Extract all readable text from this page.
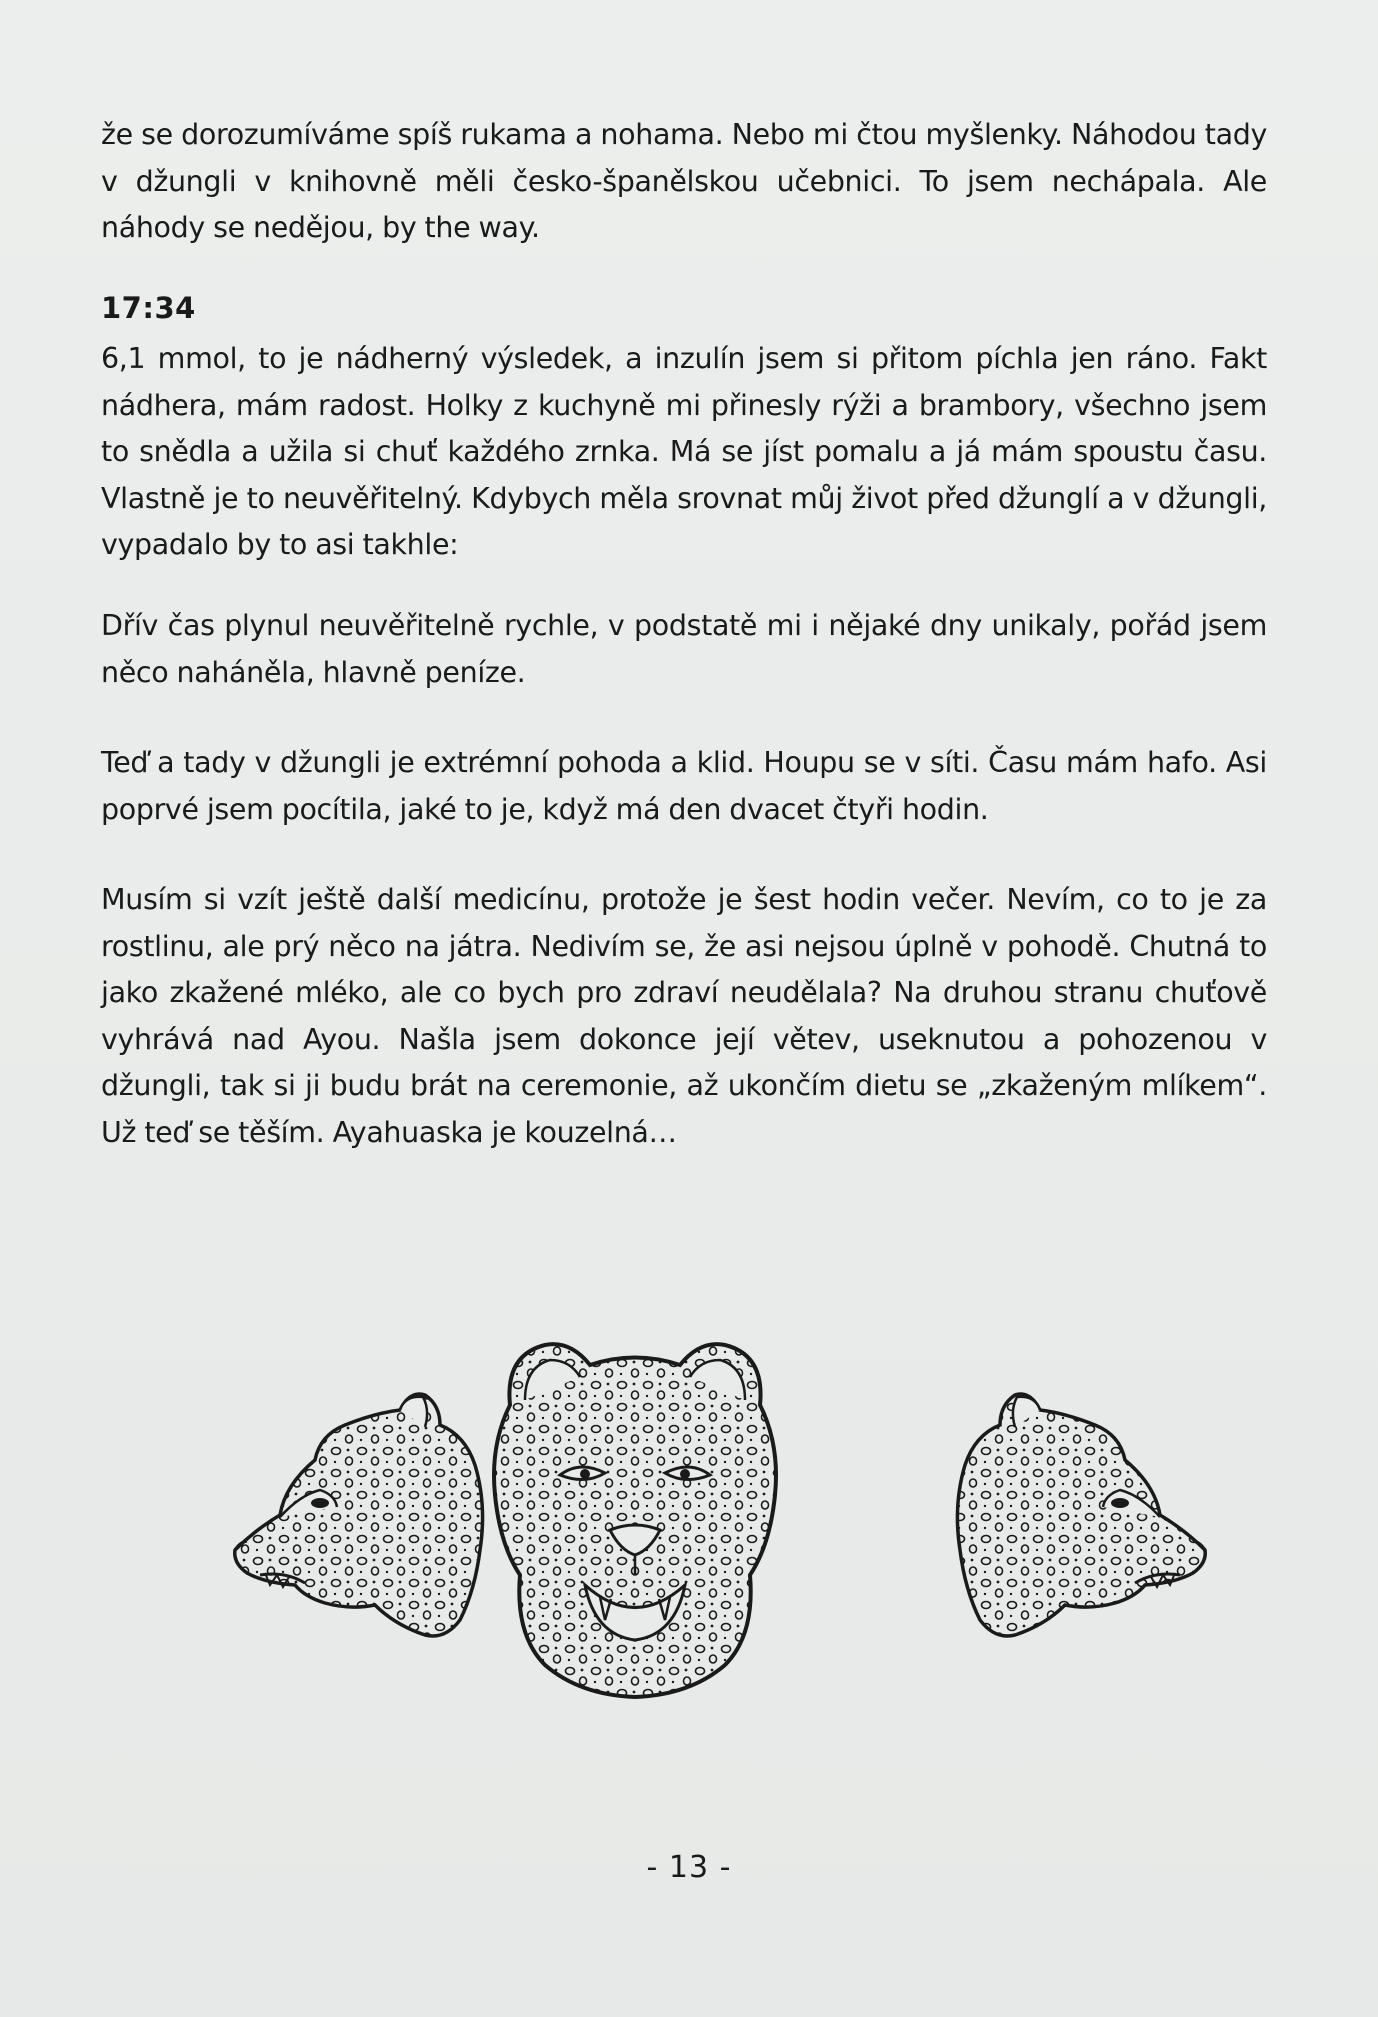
že se dorozumíváme spíš rukama a nohama. Nebo mi čtou myšlenky. Náhodou tady v džungli v knihovně měli česko-španělskou učebnici. To jsem nechápala. Ale náhody se nedějou, by the way.

17:34

6,1 mmol, to je nádherný výsledek, a inzulín jsem si přitom píchla jen ráno. Fakt nádhera, mám radost. Holky z kuchyně mi přinesly rýži a brambory, všechno jsem to snědla a užila si chuť každého zrnka. Má se jíst pomalu a já mám spoustu času. Vlastně je to neuvěřitelný. Kdybych měla srovnat můj život před džunglí a v džungli, vypadalo by to asi takhle:

Dřív čas plynul neuvěřitelně rychle, v podstatě mi i nějaké dny unikaly, pořád jsem něco naháněla, hlavně peníze.

Teď a tady v džungli je extrémní pohoda a klid. Houpu se v síti. Času mám hafo. Asi poprvé jsem pocítila, jaké to je, když má den dvacet čtyři hodin.

Musím si vzít ještě další medicínu, protože je šest hodin večer. Nevím, co to je za rostlinu, ale prý něco na játra. Nedivím se, že asi nejsou úplně v pohodě. Chutná to jako zkažené mléko, ale co bych pro zdraví neudělala? Na druhou stranu chuťově vyhrává nad Ayou. Našla jsem dokonce její větev, useknutou a pohozenou v džungli, tak si ji budu brát na ceremonie, až ukončím dietu se „zkaženým mlíkem“. Už teď se těším. Ayahuaska je kouzelná…

- 13 -
